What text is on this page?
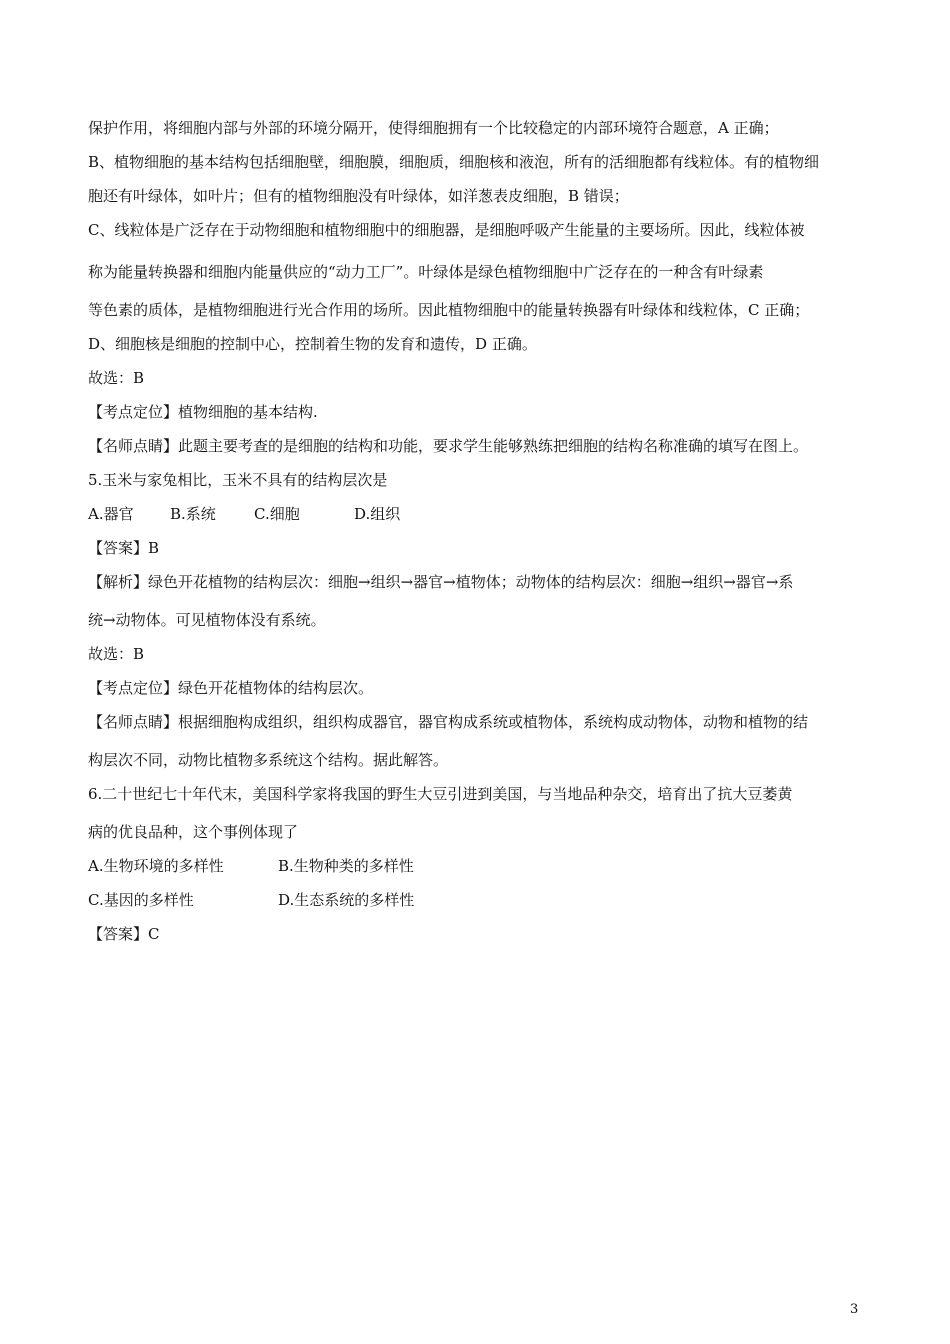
保护作用，将细胞内部与外部的环境分隔开，使得细胞拥有一个比较稳定的内部环境符合题意，A 正确；
B、植物细胞的基本结构包括细胞壁，细胞膜，细胞质，细胞核和液泡，所有的活细胞都有线粒体。有的植物细
胞还有叶绿体，如叶片；但有的植物细胞没有叶绿体，如洋葱表皮细胞，B 错误；
C、线粒体是广泛存在于动物细胞和植物细胞中的细胞器，是细胞呼吸产生能量的主要场所。因此，线粒体被
称为能量转换器和细胞内能量供应的“动力工厂”。叶绿体是绿色植物细胞中广泛存在的一种含有叶绿素
等色素的质体，是植物细胞进行光合作用的场所。因此植物细胞中的能量转换器有叶绿体和线粒体，C 正确；
D、细胞核是细胞的控制中心，控制着生物的发育和遗传，D 正确。
故选：B
【考点定位】植物细胞的基本结构.
【名师点睛】此题主要考查的是细胞的结构和功能，要求学生能够熟练把细胞的结构名称准确的填写在图上。
5.玉米与家兔相比，玉米不具有的结构层次是
A.器官 B.系统	C.细胞	D.组织
【答案】B
【解析】绿色开花植物的结构层次：细胞→组织→器官→植物体；动物体的结构层次：细胞→组织→器官→系
统→动物体。可见植物体没有系统。
故选：B
【考点定位】绿色开花植物体的结构层次。
【名师点睛】根据细胞构成组织，组织构成器官，器官构成系统或植物体，系统构成动物体，动物和植物的结
构层次不同，动物比植物多系统这个结构。据此解答。
6.二十世纪七十年代末，美国科学家将我国的野生大豆引进到美国，与当地品种杂交，培育出了抗大豆萎黄
病的优良品种，这个事例体现了
A.生物环境的多样性	B.生物种类的多样性
C.基因的多样性	D.生态系统的多样性
【答案】C
3
